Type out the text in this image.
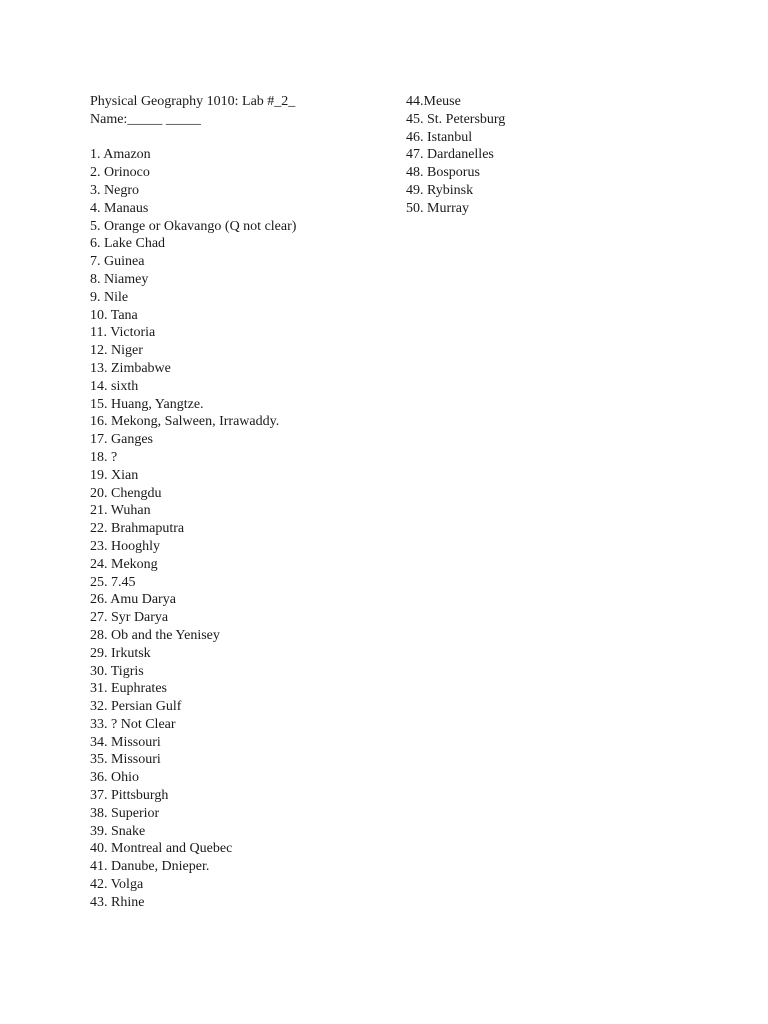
Physical Geography 1010: Lab #_2_
Name:_____ _____
1. Amazon
2. Orinoco
3. Negro
4. Manaus
5. Orange or Okavango (Q not clear)
6. Lake Chad
7. Guinea
8. Niamey
9. Nile
10. Tana
11. Victoria
12. Niger
13. Zimbabwe
14. sixth
15. Huang, Yangtze.
16. Mekong, Salween, Irrawaddy.
17. Ganges
18. ?
19. Xian
20. Chengdu
21. Wuhan
22. Brahmaputra
23. Hooghly
24. Mekong
25. 7.45
26. Amu Darya
27. Syr Darya
28. Ob and the Yenisey
29. Irkutsk
30. Tigris
31. Euphrates
32. Persian Gulf
33. ? Not Clear
34. Missouri
35. Missouri
36. Ohio
37. Pittsburgh
38. Superior
39. Snake
40. Montreal and Quebec
41. Danube, Dnieper.
42. Volga
43. Rhine
44.Meuse
45. St. Petersburg
46. Istanbul
47. Dardanelles
48. Bosporus
49. Rybinsk
50. Murray
